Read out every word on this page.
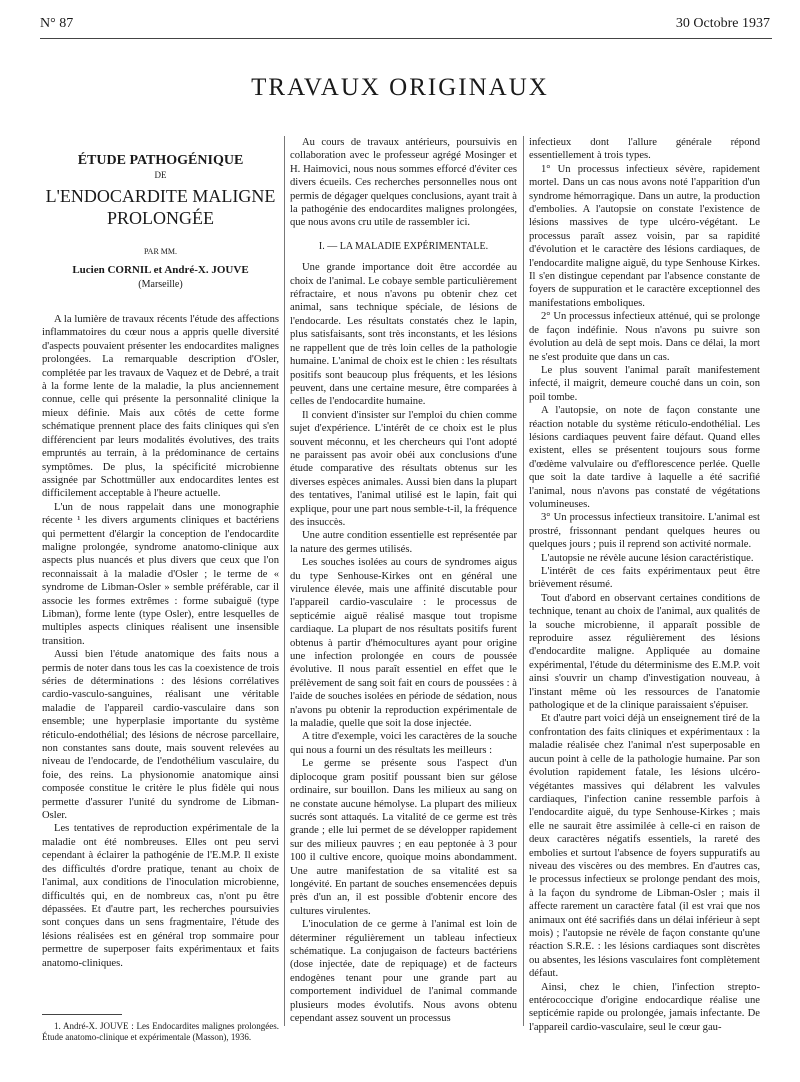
N° 87	30 Octobre 1937
TRAVAUX ORIGINAUX
ÉTUDE PATHOGÉNIQUE
DE
L'ENDOCARDITE MALIGNE
PROLONGÉE
PAR MM.
Lucien CORNIL et André-X. JOUVE
(Marseille)

A la lumière de travaux récents l'étude des affections inflammatoires du cœur nous a appris quelle diversité d'aspects pouvaient présenter les endocardites malignes prolongées. La remarquable description d'Osler, complétée par les travaux de Vaquez et de Debré, a trait à la forme lente de la maladie, la plus anciennement connue, celle qui présente la personnalité clinique la mieux définie. Mais aux côtés de cette forme schématique prennent place des faits cliniques qui s'en différencient par leurs modalités évolutives, des traits empruntés au terrain, à la prédominance de certains symptômes. De plus, la spécificité microbienne assignée par Schottmüller aux endocardites lentes est difficilement acceptable à l'heure actuelle.

L'un de nous rappelait dans une monographie récente ¹ les divers arguments cliniques et bactériens qui permettent d'élargir la conception de l'endocardite maligne prolongée, syndrome anatomo-clinique aux aspects plus nuancés et plus divers que ceux que l'on reconnaissait à la maladie d'Osler ; le terme de « syndrome de Libman-Osler » semble préférable, car il associe les formes extrêmes : forme subaiguë (type Libman), forme lente (type Osler), entre lesquelles de multiples aspects cliniques réalisent une insensible transition.

Aussi bien l'étude anatomique des faits nous a permis de noter dans tous les cas la coexistence de trois séries de déterminations : des lésions corrélatives cardio-vasculo-sanguines, réalisant une véritable maladie de l'appareil cardio-vasculaire dans son ensemble; une hyperplasie importante du système réticulo-endothélial; des lésions de nécrose parcellaire, non constantes sans doute, mais souvent relevées au niveau de l'endocarde, de l'endothélium vasculaire, du foie, des reins. La physionomie anatomique ainsi composée constitue le critère le plus fidèle qui nous permette d'assurer l'unité du syndrome de Libman-Osler.

Les tentatives de reproduction expérimentale de la maladie ont été nombreuses. Elles ont peu servi cependant à éclairer la pathogénie de l'E.M.P. Il existe des difficultés d'ordre pratique, tenant au choix de l'animal, aux conditions de l'inoculation microbienne, difficultés qui, en de nombreux cas, n'ont pu être dépassées. Et d'autre part, les recherches poursuivies sont conçues dans un sens fragmentaire, l'étude des lésions réalisées est en général trop sommaire pour permettre de superposer faits expérimentaux et faits anatomo-cliniques.

1. André-X. JOUVE : Les Endocardites malignes prolongées. Étude anatomo-clinique et expérimentale (Masson), 1936.

Au cours de travaux antérieurs, poursuivis en collaboration avec le professeur agrégé Mosinger et H. Haimovici, nous nous sommes efforcé d'éviter ces divers écueils. Ces recherches personnelles nous ont permis de dégager quelques conclusions, ayant trait à la pathogénie des endocardites malignes prolongées, que nous avons cru utile de rassembler ici.

I. — LA MALADIE EXPÉRIMENTALE.

Une grande importance doit être accordée au choix de l'animal. Le cobaye semble particulièrement réfractaire, et nous n'avons pu obtenir chez cet animal, sans technique spéciale, de lésions de l'endocarde. Les résultats constatés chez le lapin, plus satisfaisants, sont très inconstants, et les lésions ne rappellent que de très loin celles de la pathologie humaine. L'animal de choix est le chien : les résultats positifs sont beaucoup plus fréquents, et les lésions peuvent, dans une certaine mesure, être comparées à celles de l'endocardite humaine.

Il convient d'insister sur l'emploi du chien comme sujet d'expérience. L'intérêt de ce choix est le plus souvent méconnu, et les chercheurs qui l'ont adopté ne paraissent pas avoir obéi aux conclusions d'une étude comparative des résultats obtenus sur les diverses espèces animales. Aussi bien dans la plupart des tentatives, l'animal utilisé est le lapin, fait qui explique, pour une part nous semble-t-il, la fréquence des insuccès.

Une autre condition essentielle est représentée par la nature des germes utilisés.

Les souches isolées au cours de syndromes aigus du type Senhouse-Kirkes ont en général une virulence élevée, mais une affinité discutable pour l'appareil cardio-vasculaire : le processus de septicémie aiguë réalisé masque tout tropisme cardiaque. La plupart de nos résultats positifs furent obtenus à partir d'hémocultures ayant pour origine une infection prolongée en cours de poussée évolutive. Il nous paraît essentiel en effet que le prélèvement de sang soit fait en cours de poussées : à l'aide de souches isolées en période de sédation, nous n'avons pu obtenir la reproduction expérimentale de la maladie, quelle que soit la dose injectée.

A titre d'exemple, voici les caractères de la souche qui nous a fourni un des résultats les meilleurs :

Le germe se présente sous l'aspect d'un diplocoque gram positif poussant bien sur gélose ordinaire, sur bouillon. Dans les milieux au sang on ne constate aucune hémolyse. La plupart des milieux sucrés sont attaqués. La vitalité de ce germe est très grande ; elle lui permet de se développer rapidement sur des milieux pauvres ; en eau peptonée à 3 pour 100 il cultive encore, quoique moins abondamment. Une autre manifestation de sa vitalité est sa longévité. En partant de souches ensemencées depuis près d'un an, il est possible d'obtenir encore des cultures virulentes.

L'inoculation de ce germe à l'animal est loin de déterminer régulièrement un tableau infectieux schématique. La conjugaison de facteurs bactériens (dose injectée, date de repiquage) et de facteurs endogènes tenant pour une grande part au comportement individuel de l'animal commande plusieurs modes évolutifs. Nous avons obtenu cependant assez souvent un processus

infectieux dont l'allure générale répond essentiellement à trois types.

1° Un processus infectieux sévère, rapidement mortel. Dans un cas nous avons noté l'apparition d'un syndrome hémorragique. Dans un autre, la production d'embolies. A l'autopsie on constate l'existence de lésions massives de type ulcéro-végétant. Le processus paraît assez voisin, par sa rapidité d'évolution et le caractère des lésions cardiaques, de l'endocardite maligne aiguë, du type Senhouse Kirkes. Il s'en distingue cependant par l'absence constante de foyers de suppuration et le caractère exceptionnel des manifestations emboliques.

2° Un processus infectieux atténué, qui se prolonge de façon indéfinie. Nous n'avons pu suivre son évolution au delà de sept mois. Dans ce délai, la mort ne s'est produite que dans un cas.

Le plus souvent l'animal paraît manifestement infecté, il maigrit, demeure couché dans un coin, son poil tombe.

A l'autopsie, on note de façon constante une réaction notable du système réticulo-endothélial. Les lésions cardiaques peuvent faire défaut. Quand elles existent, elles se présentent toujours sous forme d'œdème valvulaire ou d'efflorescence perlée. Quelle que soit la date tardive à laquelle a été sacrifié l'animal, nous n'avons pas constaté de végétations volumineuses.

3° Un processus infectieux transitoire. L'animal est prostré, frissonnant pendant quelques heures ou quelques jours ; puis il reprend son activité normale.

L'autopsie ne révèle aucune lésion caractéristique.

L'intérêt de ces faits expérimentaux peut être brièvement résumé.

Tout d'abord en observant certaines conditions de technique, tenant au choix de l'animal, aux qualités de la souche microbienne, il apparaît possible de reproduire assez régulièrement des lésions d'endocardite maligne. Appliquée au domaine expérimental, l'étude du déterminisme des E.M.P. voit ainsi s'ouvrir un champ d'investigation nouveau, à l'instant même où les ressources de l'anatomie pathologique et de la clinique paraissaient s'épuiser.

Et d'autre part voici déjà un enseignement tiré de la confrontation des faits cliniques et expérimentaux : la maladie réalisée chez l'animal n'est superposable en aucun point à celle de la pathologie humaine. Par son évolution rapidement fatale, les lésions ulcéro-végétantes massives qui délabrent les valvules cardiaques, l'infection canine ressemble parfois à l'endocardite aiguë, du type Senhouse-Kirkes ; mais elle ne saurait être assimilée à celle-ci en raison de deux caractères négatifs essentiels, la rareté des embolies et surtout l'absence de foyers suppuratifs au niveau des viscères ou des membres. En d'autres cas, le processus infectieux se prolonge pendant des mois, à la façon du syndrome de Libman-Osler ; mais il affecte rarement un caractère fatal (il est vrai que nos animaux ont été sacrifiés dans un délai inférieur à sept mois) ; l'autopsie ne révèle de façon constante qu'une réaction S.R.E. : les lésions cardiaques sont discrètes ou absentes, les lésions vasculaires font complètement défaut.

Ainsi, chez le chien, l'infection strepto-entérococcique d'origine endocardique réalise une septicémie rapide ou prolongée, jamais infectante. De l'appareil cardio-vasculaire, seul le cœur gau-
